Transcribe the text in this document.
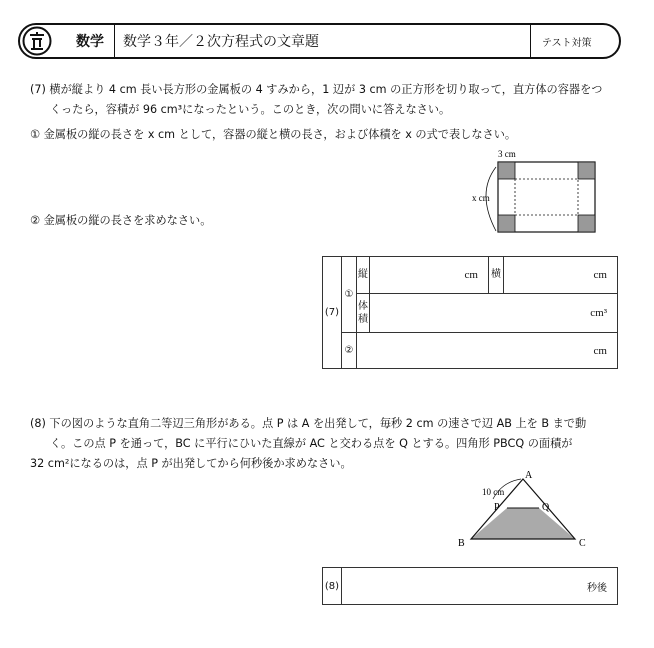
数学 数学３年／２次方程式の文章題	テスト対策
(7) 横が縦より 4 cm 長い長方形の金属板の 4 すみから，1 辺が 3 cm の正方形を切り取って，直方体の容器をつ
くったら，容積が 96 cm³になったという。このとき，次の問いに答えなさい。
① 金属板の縦の長さを x cm として，容器の縦と横の長さ，および体積を x の式で表しなさい。
② 金属板の縦の長さを求めなさい。
3 cm
x cm
(7)	①	縦	cm	横	cm
		体
積	cm³		
	②	cm			
(8) 下の図のような直角二等辺三角形がある。点 P は A を出発して，毎秒 2 cm の速さで辺 AB 上を B まで動
く。この点 P を通って，BC に平行にひいた直線が AC と交わる点を Q とする。四角形 PBCQ の面積が
32 cm²になるのは，点 P が出発してから何秒後か求めなさい。
A
B	C
P	Q
10 cm
(8)	秒後
